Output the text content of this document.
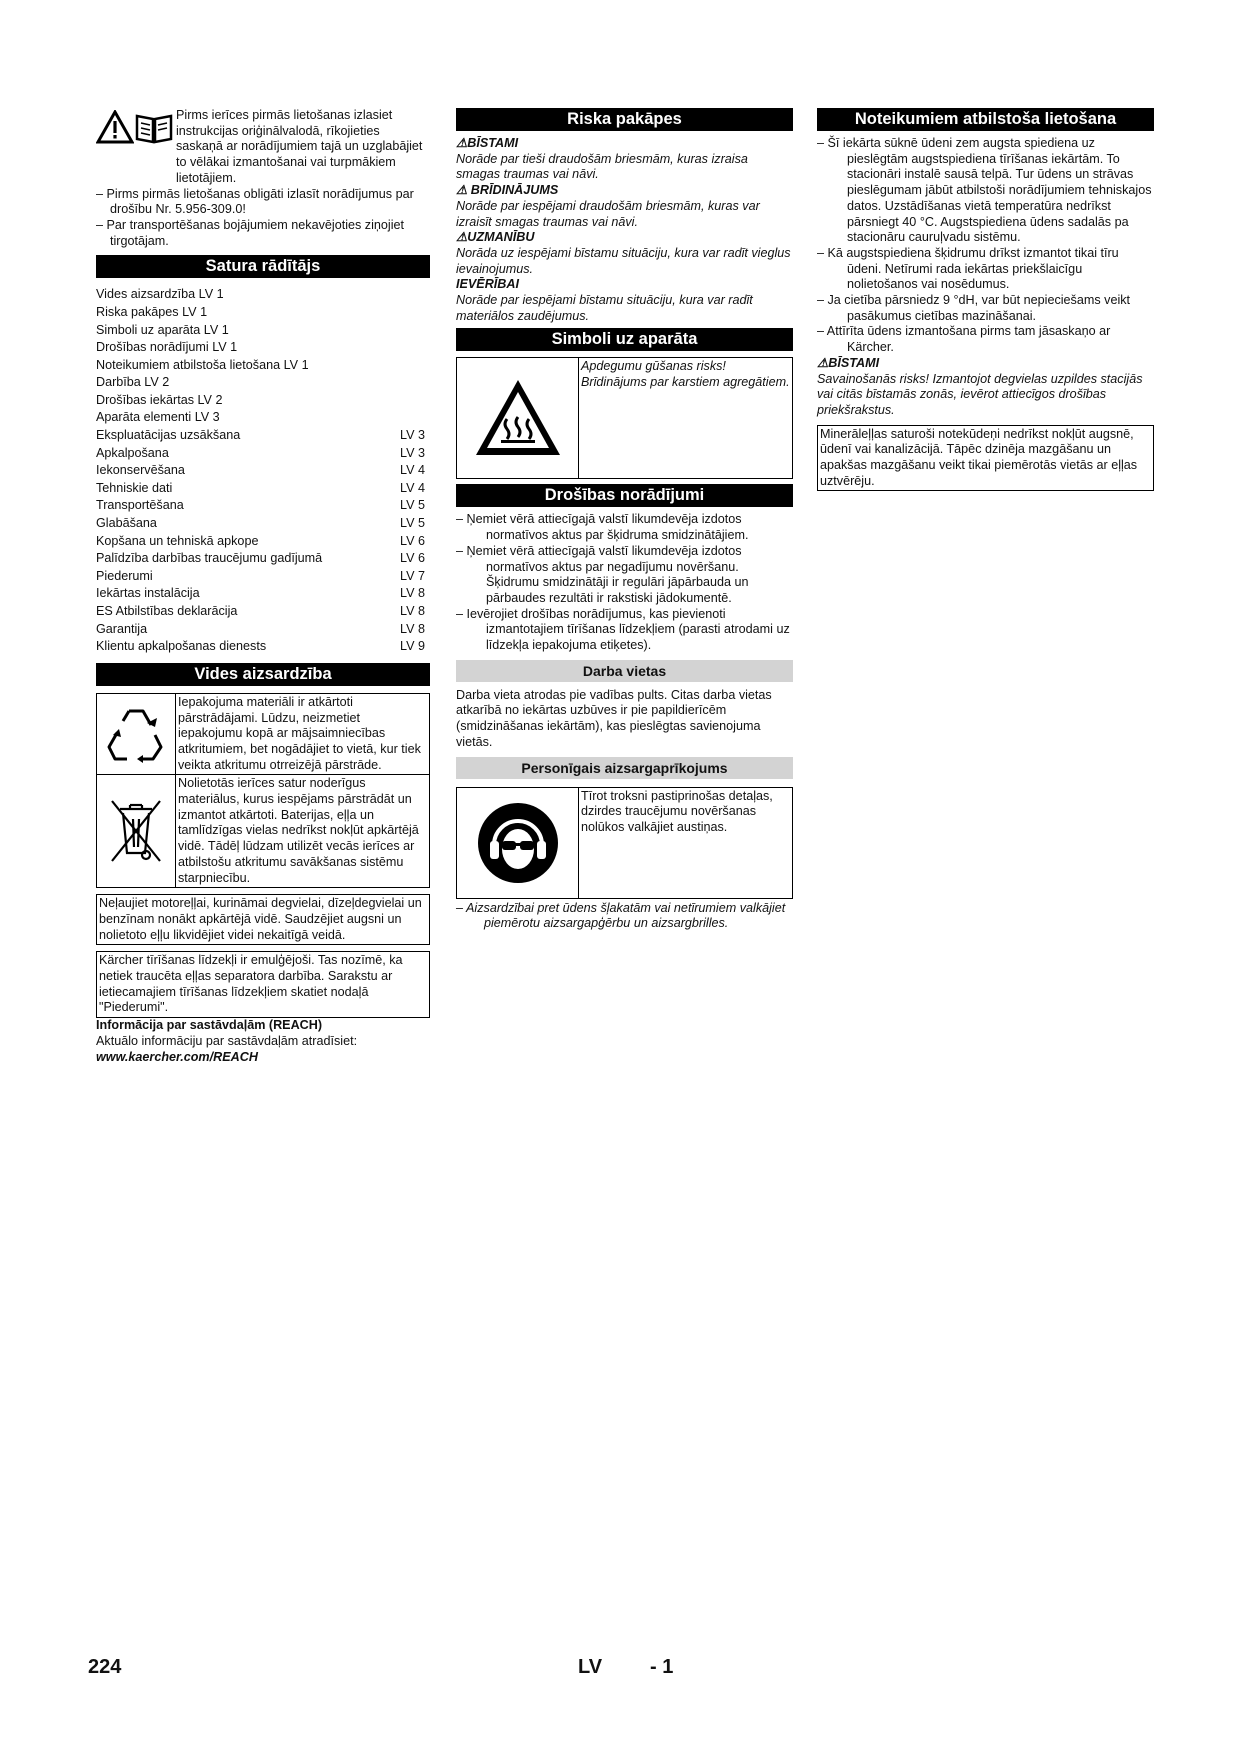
Pirms ierīces pirmās lietošanas izlasiet instrukcijas oriģinālvalodā, rīkojieties saskaņā ar norādījumiem tajā un uzglabājiet to vēlākai izmantošanai vai turpmākiem lietotājiem.

– Pirms pirmās lietošanas obligāti izlasīt norādījumus par drošību Nr. 5.956-309.0!

– Par transportēšanas bojājumiem nekavējoties ziņojiet tirgotājam.

Satura rādītājs
Vides aizsardzība LV 1
Riska pakāpes LV 1
Simboli uz aparāta LV 1
Drošības norādījumi LV 1
Noteikumiem atbilstoša lietošana LV 1
Darbība LV 2
Drošības iekārtas LV 2
Aparāta elementi LV 3
Ekspluatācijas uzsākšana	LV 3
Apkalpošana	LV 3
Iekonservēšana	LV 4
Tehniskie dati	LV 4
Transportēšana	LV 5
Glabāšana	LV 5
Kopšana un tehniskā apkope	LV 6
Palīdzība darbības traucējumu gadījumā	LV 6
Piederumi	LV 7
Iekārtas instalācija	LV 8
ES Atbilstības deklarācija	LV 8
Garantija	LV 8
Klientu apkalpošanas dienests	LV 9
Vides aizsardzība

Iepakojuma materiāli ir atkārtoti pārstrādājami. Lūdzu, neizmetiet iepakojumu kopā ar mājsaimniecības atkritumiem, bet nogādājiet to vietā, kur tiek veikta atkritumu otrreizējā pārstrāde.

Nolietotās ierīces satur noderīgus materiālus, kurus iespējams pārstrādāt un izmantot atkārtoti. Baterijas, eļļa un tamlīdzīgas vielas nedrīkst nokļūt apkārtējā vidē. Tādēļ lūdzam utilizēt vecās ierīces ar atbilstošu atkritumu savākšanas sistēmu starpniecību.

Neļaujiet motoreļļai, kurināmai degvielai, dīzeļdegvielai un benzīnam nonākt apkārtējā vidē. Saudzējiet augsni un nolietoto eļļu likvidējiet videi nekaitīgā veidā.

Kärcher tīrīšanas līdzekļi ir emulģējoši. Tas nozīmē, ka netiek traucēta eļļas separatora darbība. Sarakstu ar ietiecamajiem tīrīšanas līdzekļiem skatiet nodaļā "Piederumi".

Informācija par sastāvdaļām (REACH)

Aktuālo informāciju par sastāvdaļām atradīsiet:

www.kaercher.com/REACH

Riska pakāpes

⚠BĪSTAMI

Norāde par tieši draudošām briesmām, kuras izraisa smagas traumas vai nāvi.

⚠ BRĪDINĀJUMS

Norāde par iespējami draudošām briesmām, kuras var izraisīt smagas traumas vai nāvi.

⚠UZMANĪBU

Norāda uz iespējami bīstamu situāciju, kura var radīt vieglus ievainojumus.

IEVĒRĪBAI

Norāde par iespējami bīstamu situāciju, kura var radīt materiālos zaudējumus.

Simboli uz aparāta

Apdegumu gūšanas risks! Brīdinājums par karstiem agregātiem.

Drošības norādījumi

– Ņemiet vērā attiecīgajā valstī likumdevēja izdotos normatīvos aktus par šķidruma smidzinātājiem.

– Ņemiet vērā attiecīgajā valstī likumdevēja izdotos normatīvos aktus par negadījumu novēršanu. Šķidrumu smidzinātāji ir regulāri jāpārbauda un pārbaudes rezultāti ir rakstiski jādokumentē.

– Ievērojiet drošības norādījumus, kas pievienoti izmantotajiem tīrīšanas līdzekļiem (parasti atrodami uz līdzekļa iepakojuma etiķetes).

Darba vietas

Darba vieta atrodas pie vadības pults. Citas darba vietas atkarībā no iekārtas uzbūves ir pie papildierīcēm (smidzināšanas iekārtām), kas pieslēgtas savienojuma vietās.

Personīgais aizsargaprīkojums

Tīrot troksni pastiprinošas detaļas, dzirdes traucējumu novēršanas nolūkos valkājiet austiņas.

– Aizsardzībai pret ūdens šļakatām vai netīrumiem valkājiet piemērotu aizsargapģērbu un aizsargbrilles.

Noteikumiem atbilstoša lietošana

– Šī iekārta sūknē ūdeni zem augsta spiediena uz pieslēgtām augstspiediena tīrīšanas iekārtām. To stacionāri instalē sausā telpā. Tur ūdens un strāvas pieslēgumam jābūt atbilstoši norādījumiem tehniskajos datos. Uzstādīšanas vietā temperatūra nedrīkst pārsniegt 40 °C. Augstspiediena ūdens sadalās pa stacionāru cauruļvadu sistēmu.

– Kā augstspiediena šķidrumu drīkst izmantot tikai tīru ūdeni. Netīrumi rada iekārtas priekšlaicīgu nolietošanos vai nosēdumus.

– Ja cietība pārsniedz 9 °dH, var būt nepieciešams veikt pasākumus cietības mazināšanai.

– Attīrīta ūdens izmantošana pirms tam jāsaskaņo ar Kärcher.

⚠BĪSTAMI

Savainošanās risks! Izmantojot degvielas uzpildes stacijās vai citās bīstamās zonās, ievērot attiecīgos drošības priekšrakstus.

Minerāleļļas saturoši notekūdeņi nedrīkst nokļūt augsnē, ūdenī vai kanalizācijā. Tāpēc dzinēja mazgāšanu un apakšas mazgāšanu veikt tikai piemērotās vietās ar eļļas uztvērēju.

224	LV - 1
